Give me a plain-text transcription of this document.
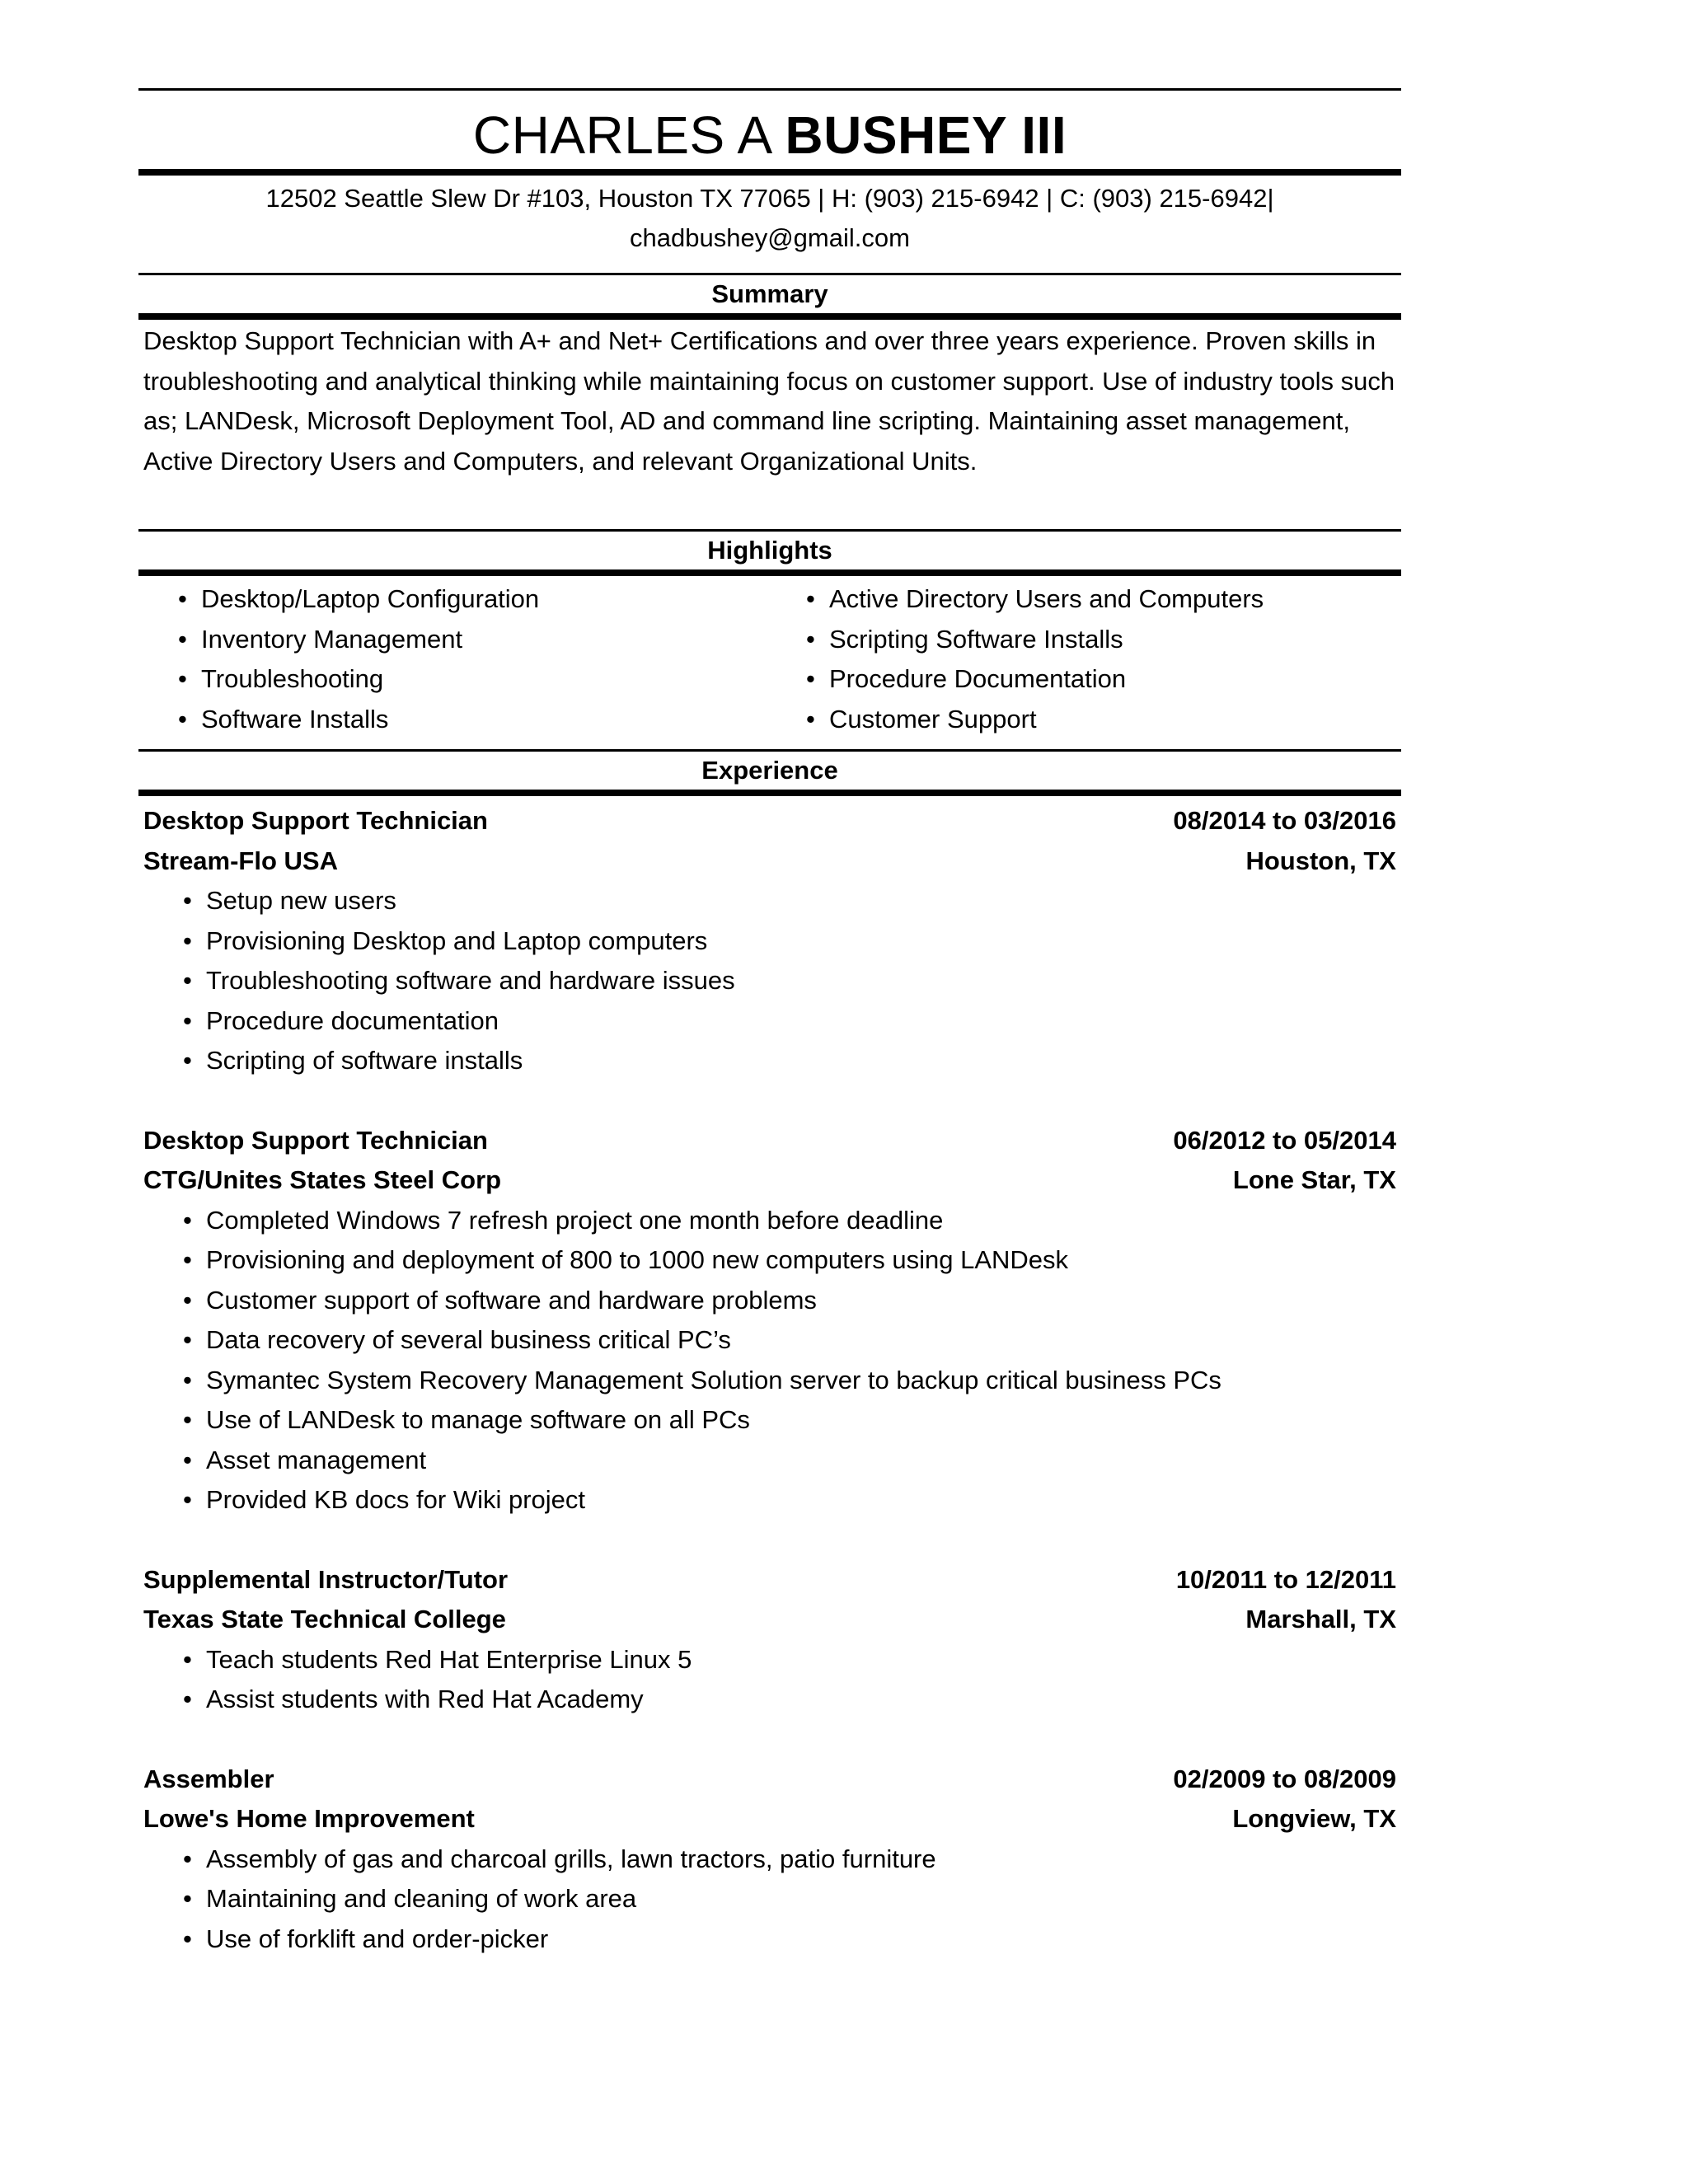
CHARLES A BUSHEY III
12502 Seattle Slew Dr #103, Houston TX 77065 | H: (903) 215-6942 | C: (903) 215-6942|
chadbushey@gmail.com
Summary
Desktop Support Technician with A+ and Net+ Certifications and over three years experience. Proven skills in troubleshooting and analytical thinking while maintaining focus on customer support. Use of industry tools such as; LANDesk, Microsoft Deployment Tool, AD and command line scripting. Maintaining asset management, Active Directory Users and Computers, and relevant Organizational Units.
Highlights
• Desktop/Laptop Configuration
• Inventory Management
• Troubleshooting
• Software Installs
• Active Directory Users and Computers
• Scripting Software Installs
• Procedure Documentation
• Customer Support
Experience
Desktop Support Technician	08/2014 to 03/2016
Stream-Flo USA	Houston, TX
• Setup new users
• Provisioning Desktop and Laptop computers
• Troubleshooting software and hardware issues
• Procedure documentation
• Scripting of software installs
Desktop Support Technician	06/2012 to 05/2014
CTG/Unites States Steel Corp	Lone Star, TX
• Completed Windows 7 refresh project one month before deadline
• Provisioning and deployment of 800 to 1000 new computers using LANDesk
• Customer support of software and hardware problems
• Data recovery of several business critical PC’s
• Symantec System Recovery Management Solution server to backup critical business PCs
• Use of LANDesk to manage software on all PCs
• Asset management
• Provided KB docs for Wiki project
Supplemental Instructor/Tutor	10/2011 to 12/2011
Texas State Technical College	Marshall, TX
• Teach students Red Hat Enterprise Linux 5
• Assist students with Red Hat Academy
Assembler	02/2009 to 08/2009
Lowe's Home Improvement	Longview, TX
• Assembly of gas and charcoal grills, lawn tractors, patio furniture
• Maintaining and cleaning of work area
• Use of forklift and order-picker
